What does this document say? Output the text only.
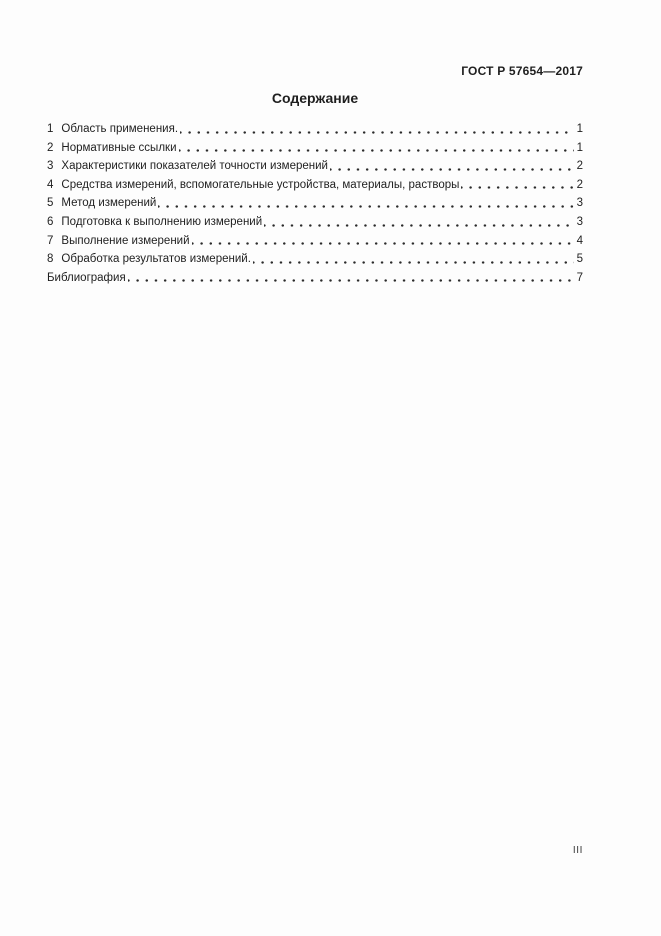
ГОСТ Р 57654—2017
Содержание
1 Область применения.	1
2 Нормативные ссылки	1
3 Характеристики показателей точности измерений	2
4 Средства измерений, вспомогательные устройства, материалы, растворы	2
5 Метод измерений	3
6 Подготовка к выполнению измерений	3
7 Выполнение измерений	4
8 Обработка результатов измерений.	5
Библиография	7
III
